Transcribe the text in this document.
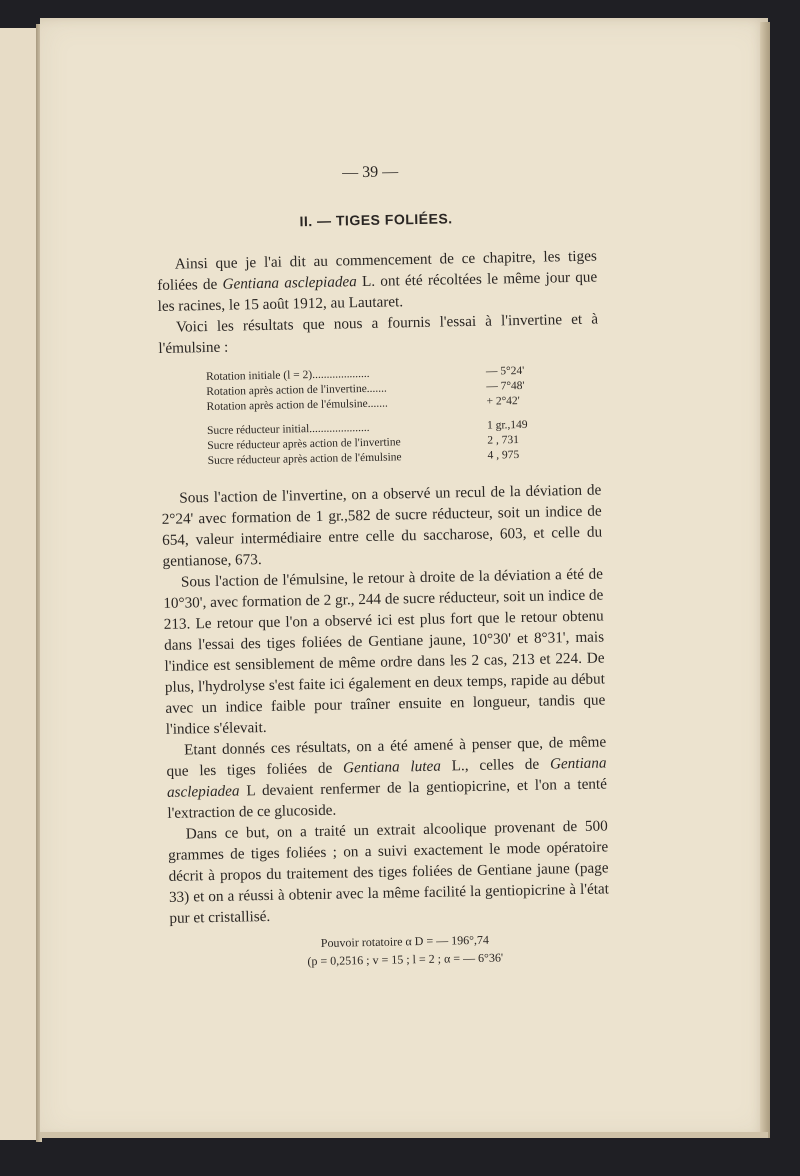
— 39 —
II. — TIGES FOLIÉES.

Ainsi que je l'ai dit au commencement de ce chapitre, les tiges foliées de Gentiana asclepiadea L. ont été récoltées le même jour que les racines, le 15 août 1912, au Lautaret.

Voici les résultats que nous a fournis l'essai à l'invertine et à l'émulsine :

Rotation initiale (l = 2)....................	— 5°24'
Rotation après action de l'invertine.......	— 7°48'
Rotation après action de l'émulsine.......	+ 2°42'
Sucre réducteur initial.....................	1 gr.,149
Sucre réducteur après action de l'invertine	2 , 731
Sucre réducteur après action de l'émulsine	4 , 975

Sous l'action de l'invertine, on a observé un recul de la déviation de 2°24' avec formation de 1 gr.,582 de sucre réducteur, soit un indice de 654, valeur intermédiaire entre celle du saccharose, 603, et celle du gentianose, 673.

Sous l'action de l'émulsine, le retour à droite de la déviation a été de 10°30', avec formation de 2 gr., 244 de sucre réducteur, soit un indice de 213. Le retour que l'on a observé ici est plus fort que le retour obtenu dans l'essai des tiges foliées de Gentiane jaune, 10°30' et 8°31', mais l'indice est sensiblement de même ordre dans les 2 cas, 213 et 224. De plus, l'hydrolyse s'est faite ici également en deux temps, rapide au début avec un indice faible pour traîner ensuite en longueur, tandis que l'indice s'élevait.

Etant donnés ces résultats, on a été amené à penser que, de même que les tiges foliées de Gentiana lutea L., celles de Gentiana asclepiadea L devaient renfermer de la gentiopicrine, et l'on a tenté l'extraction de ce glucoside.

Dans ce but, on a traité un extrait alcoolique provenant de 500 grammes de tiges foliées ; on a suivi exactement le mode opératoire décrit à propos du traitement des tiges foliées de Gentiane jaune (page 33) et on a réussi à obtenir avec la même facilité la gentiopicrine à l'état pur et cristallisé.

Pouvoir rotatoire α D = — 196°,74
(p = 0,2516 ; v = 15 ; l = 2 ; α = — 6°36'
